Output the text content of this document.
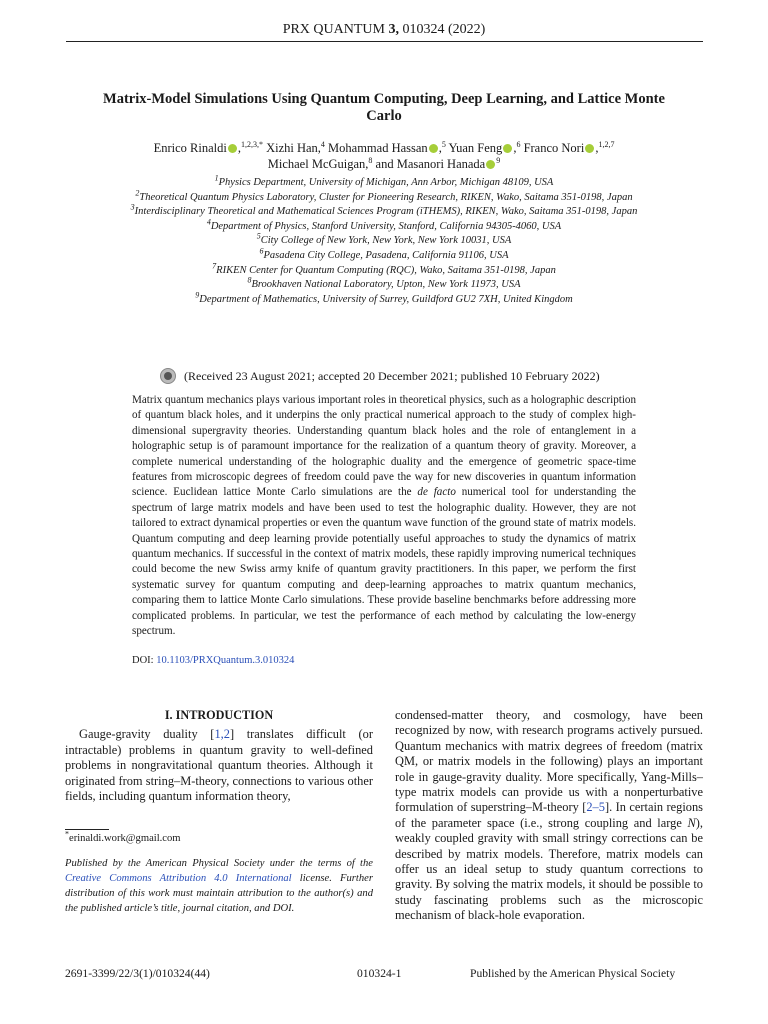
PRX QUANTUM 3, 010324 (2022)
Matrix-Model Simulations Using Quantum Computing, Deep Learning, and Lattice Monte Carlo
Enrico Rinaldi ,$^{1,2,3,*}$ Xizhi Han,$^4$ Mohammad Hassan ,$^5$ Yuan Feng ,$^6$ Franco Nori ,$^{1,2,7}$
Michael McGuigan,$^8$ and Masanori Hanada $^9$
$^1$Physics Department, University of Michigan, Ann Arbor, Michigan 48109, USA
$^2$Theoretical Quantum Physics Laboratory, Cluster for Pioneering Research, RIKEN, Wako, Saitama 351-0198, Japan
$^3$Interdisciplinary Theoretical and Mathematical Sciences Program (iTHEMS), RIKEN, Wako, Saitama 351-0198, Japan
$^4$Department of Physics, Stanford University, Stanford, California 94305-4060, USA
$^5$City College of New York, New York, New York 10031, USA
$^6$Pasadena City College, Pasadena, California 91106, USA
$^7$RIKEN Center for Quantum Computing (RQC), Wako, Saitama 351-0198, Japan
$^8$Brookhaven National Laboratory, Upton, New York 11973, USA
$^9$Department of Mathematics, University of Surrey, Guildford GU2 7XH, United Kingdom
(Received 23 August 2021; accepted 20 December 2021; published 10 February 2022)
Matrix quantum mechanics plays various important roles in theoretical physics, such as a holographic description of quantum black holes, and it underpins the only practical numerical approach to the study of complex high-dimensional supergravity theories. Understanding quantum black holes and the role of entanglement in a holographic setup is of paramount importance for the realization of a quantum theory of gravity. Moreover, a complete numerical understanding of the holographic duality and the emergence of geometric space-time features from microscopic degrees of freedom could pave the way for new discoveries in quantum information science. Euclidean lattice Monte Carlo simulations are the de facto numerical tool for understanding the spectrum of large matrix models and have been used to test the holographic duality. However, they are not tailored to extract dynamical properties or even the quantum wave function of the ground state of matrix models. Quantum computing and deep learning provide potentially useful approaches to study the dynamics of matrix quantum mechanics. If successful in the context of matrix models, these rapidly improving numerical techniques could become the new Swiss army knife of quantum gravity practitioners. In this paper, we perform the first systematic survey for quantum computing and deep-learning approaches to matrix quantum mechanics, comparing them to lattice Monte Carlo simulations. These provide baseline benchmarks before addressing more complicated problems. In particular, we test the performance of each method by calculating the low-energy spectrum.
DOI: 10.1103/PRXQuantum.3.010324
I. INTRODUCTION
Gauge-gravity duality [1,2] translates difficult (or intractable) problems in quantum gravity to well-defined problems in nongravitational quantum theories. Although it originated from string–M-theory, connections to various other fields, including quantum information theory,
*erinaldi.work@gmail.com
Published by the American Physical Society under the terms of the Creative Commons Attribution 4.0 International license. Further distribution of this work must maintain attribution to the author(s) and the published article’s title, journal citation, and DOI.
condensed-matter theory, and cosmology, have been recognized by now, with research programs actively pursued. Quantum mechanics with matrix degrees of freedom (matrix QM, or matrix models in the following) plays an important role in gauge-gravity duality. More specifically, Yang-Mills–type matrix models can provide us with a nonperturbative formulation of superstring–M-theory [2–5]. In certain regions of the parameter space (i.e., strong coupling and large N), weakly coupled gravity with small stringy corrections can be described by matrix models. Therefore, matrix models can offer us an ideal setup to study quantum corrections to gravity. By solving the matrix models, it should be possible to study fascinating problems such as the microscopic mechanism of black-hole evaporation.
2691-3399/22/3(1)/010324(44)	010324-1	Published by the American Physical Society
